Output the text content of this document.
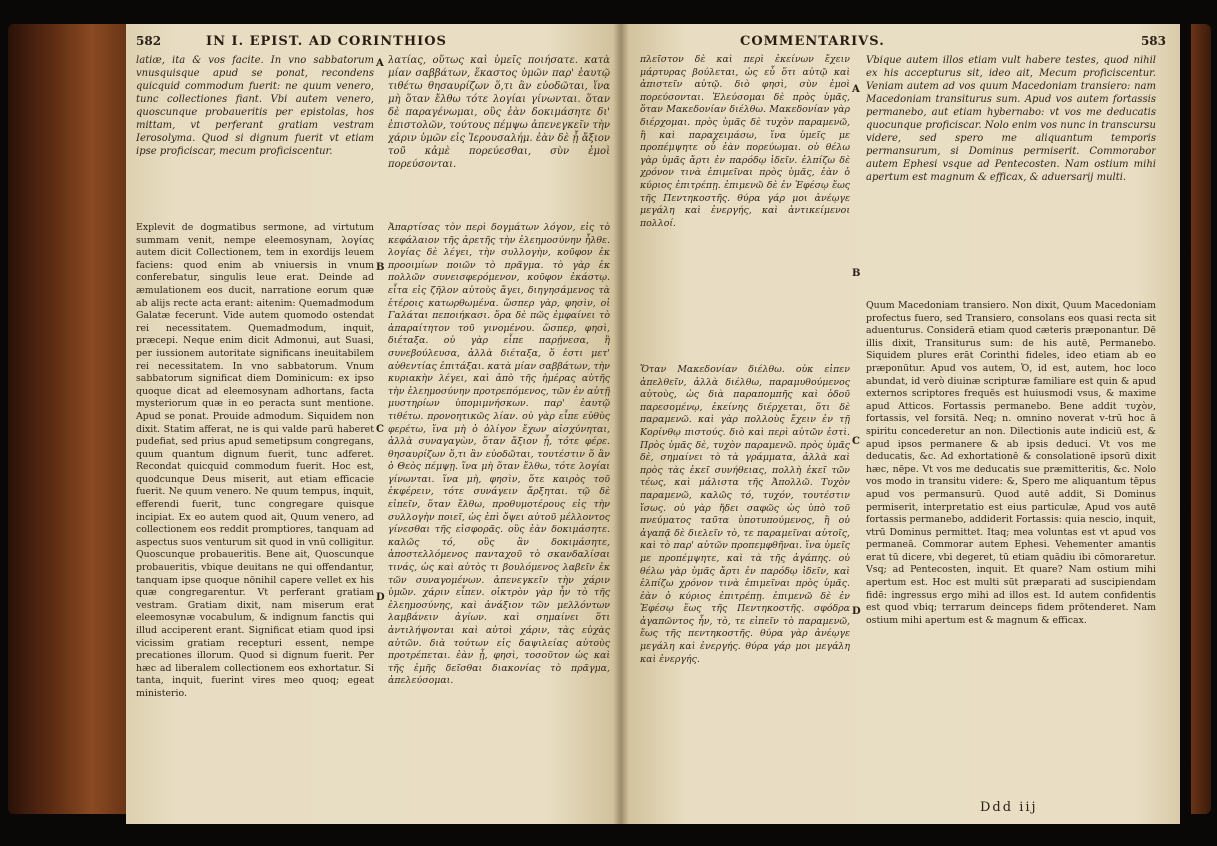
582	IN I. EPIST. AD CORINTHIOS
latiæ, ita & vos facite. In vno sabbatorum vnusquisque apud se ponat, recondens quicquid commodum fuerit: ne quum venero, tunc collectiones fiant. Vbi autem venero, quoscunque probaueritis per epistolas, hos mittam, vt perferant gratiam vestram Ierosolyma. Quod si dignum fuerit vt etiam ipse proficiscar, mecum proficiscentur.
λατίας, οὕτως καὶ ὑμεῖς ποιήσατε. κατὰ μίαν σαββάτων, ἕκαστος ὑμῶν παρ' ἑαυτῷ τιθέτω θησαυρίζων ὅ,τι ἂν εὐοδῶται, ἵνα μὴ ὅταν ἔλθω τότε λογίαι γίνωνται. ὅταν δὲ παραγένωμαι, οὓς ἐὰν δοκιμάσητε δι' ἐπιστολῶν, τούτους πέμψω ἀπενεγκεῖν τὴν χάριν ὑμῶν εἰς Ἱερουσαλήμ. ἐὰν δὲ ᾖ ἄξιον τοῦ κἀμὲ πορεύεσθαι, σὺν ἐμοὶ πορεύσονται.
Explevit de dogmatibus sermone, ad virtutum summam venit, nempe eleemosynam, λογίας autem dicit Collectionem, tem in exordijs leuem faciens: quod enim ab vniuersis in vnum conferebatur, singulis leue erat. Deinde ad æmulationem eos ducit, narratione eorum quæ ab alijs recte acta erant: aitenim: Quemadmodum Galatæ fecerunt. Vide autem quomodo ostendat rei necessitatem. Quemadmodum, inquit, præcepi. Neque enim dicit Admonui, aut Suasi, per iussionem autoritate significans ineuitabilem rei necessitatem. In vno sabbatorum. Vnum sabbatorum significat diem Dominicum: ex ipso quoque dicat ad eleemosynam adhortans, facta mysteriorum quæ in eo peracta sunt mentione. Apud se ponat. Prouide admodum. Siquidem non dixit. Statim afferat, ne is qui valde parū haberet pudefiat, sed prius apud semetipsum congregans, quum quantum dignum fuerit, tunc adferet. Recondat quicquid commodum fuerit. Hoc est, quodcunque Deus miserit, aut etiam efficacie fuerit. Ne quum venero. Ne quum tempus, inquit, efferendi fuerit, tunc congregare quisque incipiat. Ex eo autem quod ait, Quum venero, ad collectionem eos reddit promptiores, tanquam ad aspectus suos venturum sit quod in vnū colligitur. Quoscunque probaueritis. Bene ait, Quoscunque probaueritis, vbique deuitans ne qui offendantur, tanquam ipse quoque nōnihil capere vellet ex his quæ congregarentur. Vt perferant gratiam vestram. Gratiam dixit, nam miserum erat eleemosynæ vocabulum, & indignum fanctis qui illud acciperent erant. Significat etiam quod ipsi vicissim gratiam recepturi essent, nempe precationes illorum. Quod si dignum fuerit. Per hæc ad liberalem collectionem eos exhortatur. Si tanta, inquit, fuerint vires meo quoq; egeat ministerio.
Ἀπαρτίσας τὸν περὶ δογμάτων λόγον, εἰς τὸ κεφάλαιον τῆς ἀρετῆς τὴν ἐλεημοσύνην ἦλθε. λογίας δὲ λέγει, τὴν συλλογὴν, κοῦφον ἐκ προοιμίων ποιῶν τὸ πρᾶγμα. τὸ γὰρ ἐκ πολλῶν συνεισφερόμενον, κοῦφον ἑκάστῳ. εἶτα εἰς ζῆλον αὐτοὺς ἄγει, διηγησάμενος τὰ ἑτέροις κατωρθωμένα. ὥσπερ γὰρ, φησὶν, οἱ Γαλάται πεποιήκασι. ὅρα δὲ πῶς ἐμφαίνει τὸ ἀπαραίτητον τοῦ γινομένου. ὥσπερ, φησὶ, διέταξα. οὐ γὰρ εἶπε παρῄνεσα, ἢ συνεβούλευσα, ἀλλὰ διέταξα, ὅ ἐστι μετ' αὐθεντίας ἐπιτάξαι. κατὰ μίαν σαββάτων, τὴν κυριακὴν λέγει, καὶ ἀπὸ τῆς ἡμέρας αὐτῆς τὴν ἐλεημοσύνην προτρεπόμενος, τῶν ἐν αὐτῇ μυστηρίων ὑπομιμνήσκων. παρ' ἑαυτῷ τιθέτω. προνοητικῶς λίαν. οὐ γὰρ εἶπε εὐθὺς φερέτω, ἵνα μὴ ὁ ὀλίγον ἔχων αἰσχύνηται, ἀλλὰ συναγαγὼν, ὅταν ἄξιον ᾖ, τότε φέρε. θησαυρίζων ὅ,τι ἂν εὐοδῶται, τουτέστιν ὅ ἂν ὁ Θεὸς πέμψῃ. ἵνα μὴ ὅταν ἔλθω, τότε λογίαι γίνωνται. ἵνα μὴ, φησὶν, ὅτε καιρὸς τοῦ ἐκφέρειν, τότε συνάγειν ἄρξηται. τῷ δὲ εἰπεῖν, ὅταν ἔλθω, προθυμοτέρους εἰς τὴν συλλογὴν ποιεῖ, ὡς ἐπὶ ὄψει αὐτοῦ μέλλοντος γίνεσθαι τῆς εἰσφορᾶς. οὓς ἐὰν δοκιμάσητε. καλῶς τό, οὓς ἂν δοκιμάσητε, ἀποστελλόμενος πανταχοῦ τὸ σκανδαλίσαι τινάς, ὡς καὶ αὐτὸς τι βουλόμενος λαβεῖν ἐκ τῶν συναγομένων. ἀπενεγκεῖν τὴν χάριν ὑμῶν. χάριν εἶπεν. οἰκτρὸν γὰρ ἦν τὸ τῆς ἐλεημοσύνης, καὶ ἀνάξιον τῶν μελλόντων λαμβάνειν ἁγίων. καὶ σημαίνει ὅτι ἀντιλήψονται καὶ αὐτοὶ χάριν, τὰς εὐχὰς αὐτῶν. διὰ τούτων εἰς δαψιλείας αὐτοὺς προτρέπεται. ἐὰν ᾖ, φησὶ, τοσοῦτον ὡς καὶ τῆς ἐμῆς δεῖσθαι διακονίας τὸ πρᾶγμα, ἀπελεύσομαι.
A
B
C
D
COMMENTARIVS.	583
πλεῖστον δὲ καὶ περὶ ἐκείνων ἔχειν μάρτυρας βούλεται, ὡς εὖ ὅτι αὐτῷ καὶ ἀπιστεῖν αὐτῷ. διὸ φησὶ, σὺν ἐμοὶ πορεύσονται. Ἐλεύσομαι δὲ πρὸς ὑμᾶς, ὅταν Μακεδονίαν διέλθω. Μακεδονίαν γὰρ διέρχομαι. πρὸς ὑμᾶς δὲ τυχὸν παραμενῶ, ἢ καὶ παραχειμάσω, ἵνα ὑμεῖς με προπέμψητε οὗ ἐὰν πορεύωμαι. οὐ θέλω γὰρ ὑμᾶς ἄρτι ἐν παρόδῳ ἰδεῖν. ἐλπίζω δὲ χρόνον τινὰ ἐπιμεῖναι πρὸς ὑμᾶς, ἐὰν ὁ κύριος ἐπιτρέπῃ. ἐπιμενῶ δὲ ἐν Ἐφέσῳ ἕως τῆς Πεντηκοστῆς. θύρα γάρ μοι ἀνέῳγε μεγάλη καὶ ἐνεργής, καὶ ἀντικείμενοι πολλοί.
Vbique autem illos etiam vult habere testes, quod nihil ex his accepturus sit, ideo ait, Mecum proficiscentur. Veniam autem ad vos quum Macedoniam transiero: nam Macedoniam transiturus sum. Apud vos autem fortassis permanebo, aut etiam hybernabo: vt vos me deducatis quocunque proficiscar. Nolo enim vos nunc in transcursu videre, sed spero me aliquantum temporis permansurum, si Dominus permiserit. Commorabor autem Ephesi vsque ad Pentecosten. Nam ostium mihi apertum est magnum & efficax, & aduersarij multi.
Ὅταν Μακεδονίαν διέλθω. οὐκ εἶπεν ἀπελθεῖν, ἀλλὰ διέλθω, παραμυθούμενος αὐτοὺς, ὡς διὰ παραπομπῆς καὶ ὁδοῦ παρεσομένῳ, ἐκείνης διέρχεται, ὅτι δὲ παραμενῶ. καὶ γὰρ πολλοὺς ἔχειν ἐν τῇ Κορίνθῳ πιστούς. διὸ καὶ περὶ αὐτῶν ἐστὶ. Πρὸς ὑμᾶς δὲ, τυχὸν παραμενῶ. πρὸς ὑμᾶς δὲ, σημαίνει τὸ τὰ γράμματα, ἀλλὰ καὶ πρὸς τὰς ἐκεῖ συνήθειας, πολλὴ ἐκεῖ τῶν τέως, καὶ μάλιστα τῆς Ἀπολλῶ. Τυχὸν παραμενῶ, καλῶς τό, τυχόν, τουτέστιν ἴσως. οὐ γὰρ ἤδει σαφῶς ὡς ὑπὸ τοῦ πνεύματος ταῦτα ὑποτυπούμενος, ἢ οὐ ἀγαπᾷ δὲ διελεῖν τὸ, τε παραμεῖναι αὐτοῖς, καὶ τὸ παρ' αὐτῶν προπεμφθῆναι. ἵνα ὑμεῖς με προπέμψητε, καὶ τὰ τῆς ἀγάπης. οὐ θέλω γὰρ ὑμᾶς ἄρτι ἐν παρόδῳ ἰδεῖν, καὶ ἐλπίζω χρόνον τινὰ ἐπιμεῖναι πρὸς ὑμᾶς. ἐὰν ὁ κύριος ἐπιτρέπῃ. ἐπιμενῶ δὲ ἐν Ἐφέσῳ ἕως τῆς Πεντηκοστῆς. σφόδρα ἀγαπῶντος ἦν, τὸ, τε εἰπεῖν τὸ παραμενῶ, ἕως τῆς πεντηκοστῆς. θύρα γὰρ ἀνέῳγε μεγάλη καὶ ἐνεργής. θύρα γάρ μοι μεγάλη καὶ ἐνεργής.
Quum Macedoniam transiero. Non dixit, Quum Macedoniam profectus fuero, sed Transiero, consolans eos quasi recta sit aduenturus. Considerā etiam quod cæteris præponantur. Dē illis dixit, Transiturus sum: de his autē, Permanebo. Siquidem plures erāt Corinthi fideles, ideo etiam ab eo præponūtur. Apud vos autem, Ὁ, id est, autem, hoc loco abundat, id verò diuinæ scripturæ familiare est quin & apud externos scriptores frequēs est huiusmodi vsus, & maxime apud Atticos. Fortassis permanebo. Bene addit τυχὸν, fortassis, vel forsitā. Neq; n. omnino noverat v-trū hoc ā spiritu concederetur an non. Dilectionis aute indiciū est, & apud ipsos permanere & ab ipsis deduci. Vt vos me deducatis, &c. Ad exhortationē & consolationē ipsorū dixit hæc, nēpe. Vt vos me deducatis sue præmitteritis, &c. Nolo vos modo in transitu videre: &, Spero me aliquantum tēpus apud vos permansurū. Quod autē addit, Si Dominus permiserit, interpretatio est eius particulæ, Apud vos autē fortassis permanebo, addiderit Fortassis: quia nescio, inquit, vtrū Dominus permittet. Itaq; mea voluntas est vt apud vos permaneā. Commorar autem Ephesi. Vehementer amantis erat tū dicere, vbi degeret, tū etiam quādiu ibi cōmoraretur. Vsq; ad Pentecosten, inquit. Et quare? Nam ostium mihi apertum est. Hoc est multi sūt præparati ad suscipiendam fidē: ingressus ergo mihi ad illos est. Id autem confidentis est quod vbiq; terrarum deinceps fidem prōtenderet. Nam ostium mihi apertum est & magnum & efficax.
A
B
C
D
Ddd iij
